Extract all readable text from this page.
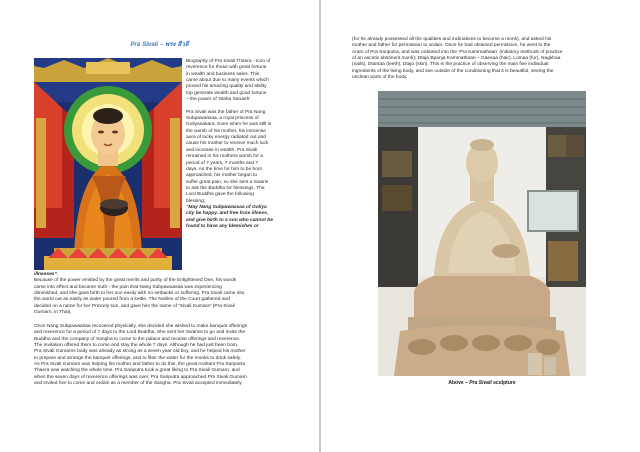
Pra Sivali – พระ สีวลี
Biography of Pra Sivali Thaera - Icon of
reverence for those with great fortune
in wealth and business sales. This
came about due to many events which
proved his amazing quality and ability
top generate wealth and good fortune
– the power of ‘Maha Sanaeh’

Pra Sivali was the father of Pra Nang
Subpawaasaa, a royal princess of
Goliyanakara. Even when he was still in
the womb of his mother, his immense
aura of lucky energy radiated out and
cause his mother to receive much luck
and increase in wealth. Pra Sivali
remained in his mothers womb for a
period of 7 years, 7 months and 7
days. As the time for him to be born
approached, his mother began to
suffer great pain, so she sent a Swami
to ask the Buddha for blessings. The
Lord Buddha gave the following
blessing;
“May Nang Subpawaasaa of Goliya
city be happy, and free from illness,
and give birth to a son who cannot be
found to have any blemishes or
illnesses”.
Because of the power emitted by the great merits and purity of the Enlightened One, his words
came into effect and became truth - the pain that Nang Subpawaasaa was experiencing
diminished, and she gave birth to her son easily with no setbacks or suffering. Pra Sivali came into
the world out as easily as water poured from a kettle. The Nobles of the Court gathered and
decided on a name for her Princely son, and gave him the name of “Sivali Kumara” (Pra Sivali
Gumarn, in Thai).
Once Nang Subpawaasaa recovered physically, she decided she wished to make banquet offerings
and reverence for a period of 7 days to the Lord Buddha. She sent her Swamis to go and invite the
Buddha and the company of Sangha to come to the palace and receive offerings and reverence.
The invitation offered them to come and stay the whole 7 days. Although he had just been born,
Pra Sivali Gumarns body was already as strong as a seven year old boy, and he helped his mother
to prepare and arrange the banquet offerings, and to filter the water for the monks to drink safely.
As Pra Sivali Gumarn was helping his mother and father to do this, the great Arahant Pra Sariputra
Thaera was watching the whole time. Pra Sariputra took a great liking to Pra Sivali Gumarn, and
when the seven days of reverence offerings was over, Pra Sariputra approached Pra Sivali Gumarn
and invited him to come and ordain as a member of the Sangha. Pra Sivali accepted immediately
(for he already possessed all the qualities and inclinations to become a monk), and asked his
mother and father for permission to ordain. Once he had obtained permission, he went to the
Aram of Pra Sariputra, and was ordained into the ‘Pra Kammathaan’ (initiatory methods of practice
of an ascetic abstinent monk); Dtaja Bpanja Kammathaan – Gaesaa (hair), Lomaa (fur), Nagkhaa
(nails), Dtantaa (teeth), Dtajo (skin). This is the practice of observing the main five individual
ingredients of the living body, and see outside of the conditioning that it is beautiful, seeing the
unclean parts of the body.
Above – Pra Sivali sculpture
